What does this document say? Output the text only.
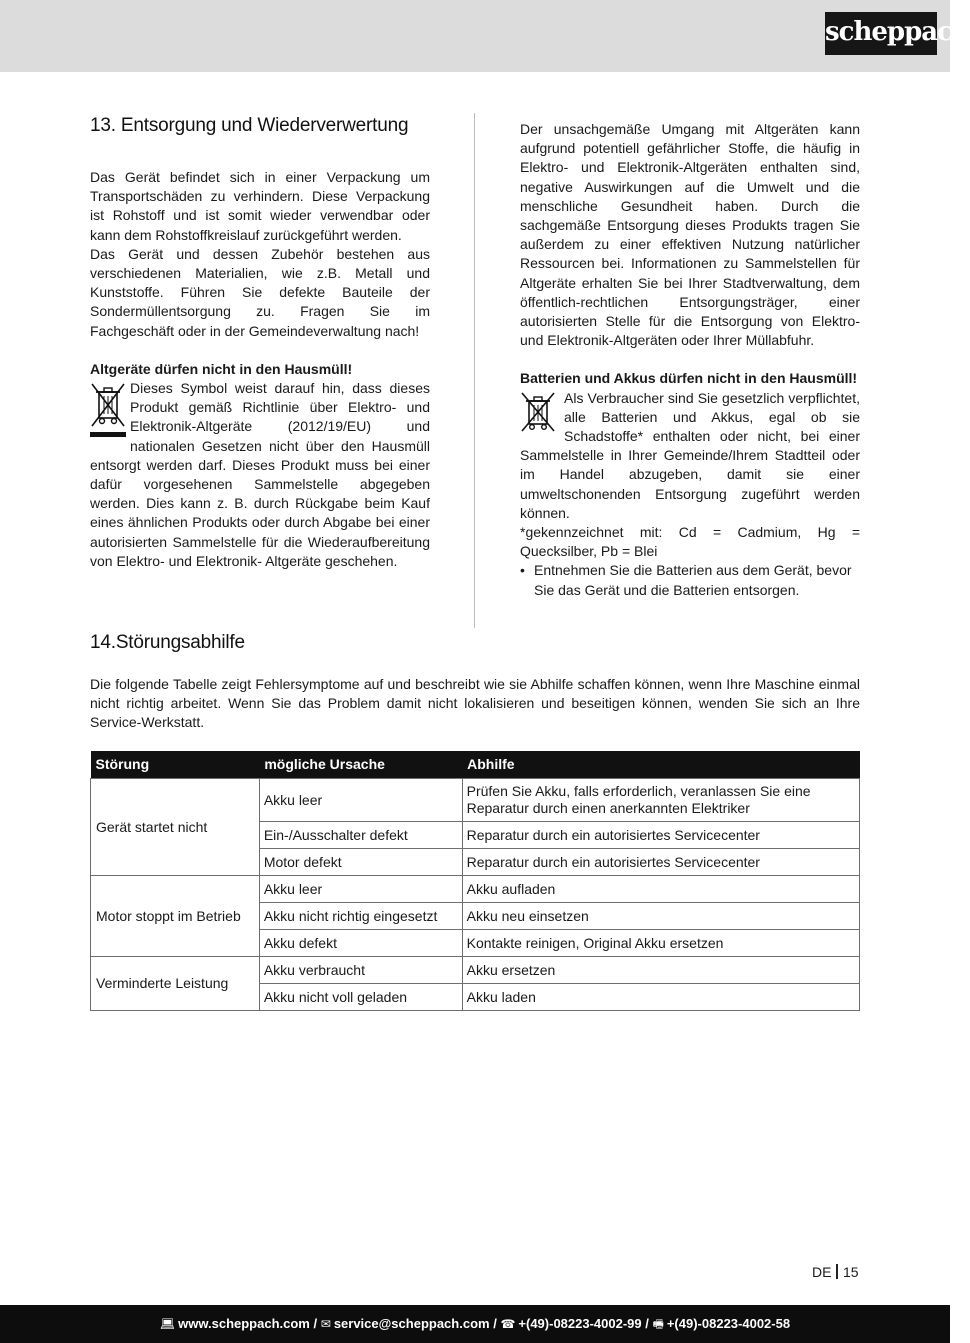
scheppach
13. Entsorgung und Wiederverwertung

Das Gerät befindet sich in einer Verpackung um Transportschäden zu verhindern. Diese Verpackung ist Rohstoff und ist somit wieder verwendbar oder kann dem Rohstoffkreislauf zurückgeführt werden.

Das Gerät und dessen Zubehör bestehen aus verschiedenen Materialien, wie z.B. Metall und Kunststoffe. Führen Sie defekte Bauteile der Sondermüllentsorgung zu. Fragen Sie im Fachgeschäft oder in der Gemeindeverwaltung nach!

Altgeräte dürfen nicht in den Hausmüll!

Dieses Symbol weist darauf hin, dass dieses Produkt gemäß Richtlinie über Elektro- und Elektronik-Altgeräte (2012/19/EU) und nationalen Gesetzen nicht über den Hausmüll entsorgt werden darf. Dieses Produkt muss bei einer dafür vorgesehenen Sammelstelle abgegeben werden. Dies kann z. B. durch Rückgabe beim Kauf eines ähnlichen Produkts oder durch Abgabe bei einer autorisierten Sammelstelle für die Wiederaufbereitung von Elektro- und Elektronik- Altgeräte geschehen.

Der unsachgemäße Umgang mit Altgeräten kann aufgrund potentiell gefährlicher Stoffe, die häufig in Elektro- und Elektronik-Altgeräten enthalten sind, negative Auswirkungen auf die Umwelt und die menschliche Gesundheit haben. Durch die sachgemäße Entsorgung dieses Produkts tragen Sie außerdem zu einer effektiven Nutzung natürlicher Ressourcen bei. Informationen zu Sammelstellen für Altgeräte erhalten Sie bei Ihrer Stadtverwaltung, dem öffentlich-rechtlichen Entsorgungsträger, einer autorisierten Stelle für die Entsorgung von Elektro- und Elektronik-Altgeräten oder Ihrer Müllabfuhr.

Batterien und Akkus dürfen nicht in den Hausmüll!

Als Verbraucher sind Sie gesetzlich verpflichtet, alle Batterien und Akkus, egal ob sie Schadstoffe* enthalten oder nicht, bei einer Sammelstelle in Ihrer Gemeinde/Ihrem Stadtteil oder im Handel abzugeben, damit sie einer umweltschonenden Entsorgung zugeführt werden können.

*gekennzeichnet mit: Cd = Cadmium, Hg = Quecksilber, Pb = Blei

• Entnehmen Sie die Batterien aus dem Gerät, bevor Sie das Gerät und die Batterien entsorgen.
14.Störungsabhilfe

Die folgende Tabelle zeigt Fehlersymptome auf und beschreibt wie sie Abhilfe schaffen können, wenn Ihre Maschine einmal nicht richtig arbeitet. Wenn Sie das Problem damit nicht lokalisieren und beseitigen können, wenden Sie sich an Ihre Service-Werkstatt.

Störung	mögliche Ursache	Abhilfe
Gerät startet nicht	Akku leer	Prüfen Sie Akku, falls erforderlich, veranlassen Sie eine Reparatur durch einen anerkannten Elektriker
	Ein-/Ausschalter defekt	Reparatur durch ein autorisiertes Servicecenter
	Motor defekt	Reparatur durch ein autorisiertes Servicecenter
Motor stoppt im Betrieb	Akku leer	Akku aufladen
	Akku nicht richtig eingesetzt	Akku neu einsetzen
	Akku defekt	Kontakte reinigen, Original Akku ersetzen
Verminderte Leistung	Akku verbraucht	Akku ersetzen
	Akku nicht voll geladen	Akku laden
DE 15
💻︎ www.scheppach.com / ✉︎ service@scheppach.com / ☎︎ +(49)-08223-4002-99 / 🖷︎ +(49)-08223-4002-58
